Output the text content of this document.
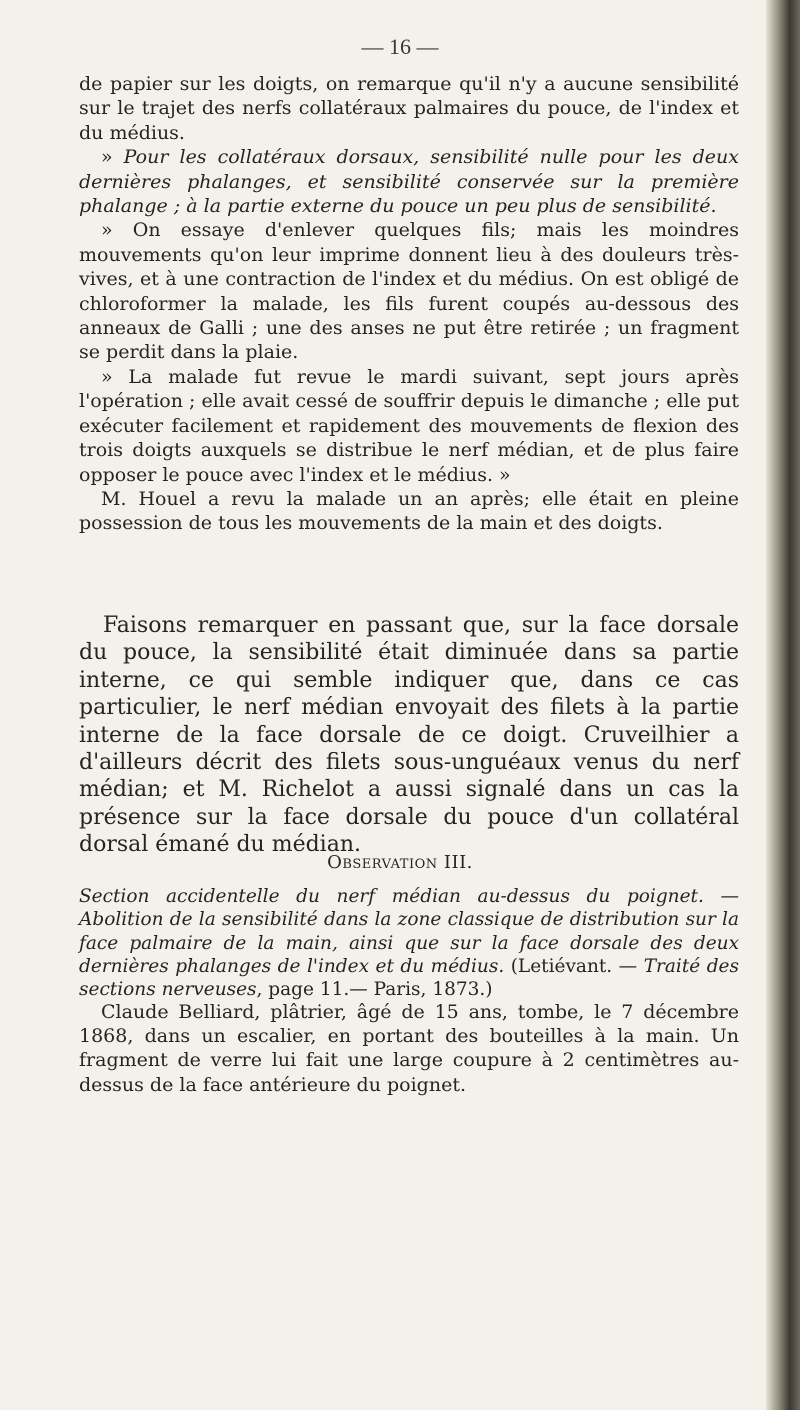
— 16 —

de papier sur les doigts, on remarque qu'il n'y a aucune sensibilité sur le trajet des nerfs collatéraux palmaires du pouce, de l'index et du médius.

» Pour les collatéraux dorsaux, sensibilité nulle pour les deux dernières phalanges, et sensibilité conservée sur la première phalange ; à la partie externe du pouce un peu plus de sensibilité.

» On essaye d'enlever quelques fils; mais les moindres mouvements qu'on leur imprime donnent lieu à des douleurs très-vives, et à une contraction de l'index et du médius. On est obligé de chloroformer la malade, les fils furent coupés au-dessous des anneaux de Galli ; une des anses ne put être retirée ; un fragment se perdit dans la plaie.

» La malade fut revue le mardi suivant, sept jours après l'opération ; elle avait cessé de souffrir depuis le dimanche ; elle put exécuter facilement et rapidement des mouvements de flexion des trois doigts auxquels se distribue le nerf médian, et de plus faire opposer le pouce avec l'index et le médius. »

M. Houel a revu la malade un an après; elle était en pleine possession de tous les mouvements de la main et des doigts.

Faisons remarquer en passant que, sur la face dorsale du pouce, la sensibilité était diminuée dans sa partie interne, ce qui semble indiquer que, dans ce cas particulier, le nerf médian envoyait des filets à la partie interne de la face dorsale de ce doigt. Cruveilhier a d'ailleurs décrit des filets sous-unguéaux venus du nerf médian; et M. Richelot a aussi signalé dans un cas la présence sur la face dorsale du pouce d'un collatéral dorsal émané du médian.

Observation III.

Section accidentelle du nerf médian au-dessus du poignet. — Abolition de la sensibilité dans la zone classique de distribution sur la face palmaire de la main, ainsi que sur la face dorsale des deux dernières phalanges de l'index et du médius. (Letiévant. — Traité des sections nerveuses, page 11.— Paris, 1873.)

Claude Belliard, plâtrier, âgé de 15 ans, tombe, le 7 décembre 1868, dans un escalier, en portant des bouteilles à la main. Un fragment de verre lui fait une large coupure à 2 centimètres au-dessus de la face antérieure du poignet.
